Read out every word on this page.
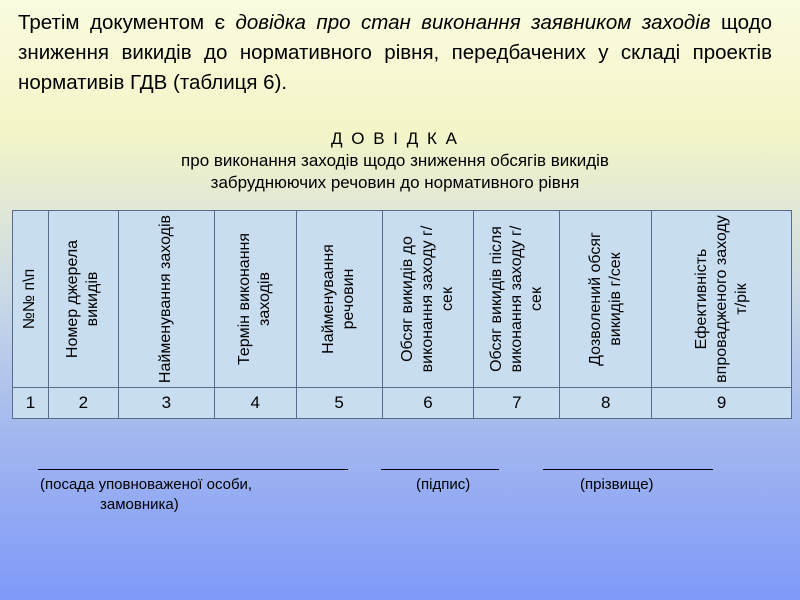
Третім документом є довідка про стан виконання заявником заходів щодо зниження викидів до нормативного рівня, передбачених у складі проектів нормативів ГДВ (таблиця 6).
Д О В І Д К А
про виконання заходів щодо зниження обсягів викидів
забруднюючих речовин до нормативного рівня
№№ п\п	Номер джерела викидів	Найменування заходів	Термін виконання заходів	Найменування речовин	Обсяг викидів до виконання заходу г/сек	Обсяг викидів після виконання заходу г/сек	Дозволений обсяг викидів г/сек	Ефективність впровадженого заходу т/рік

1	2	3	4	5	6	7	8	9
(посада уповноваженої особи,
замовника)
(підпис)	(прізвище)
